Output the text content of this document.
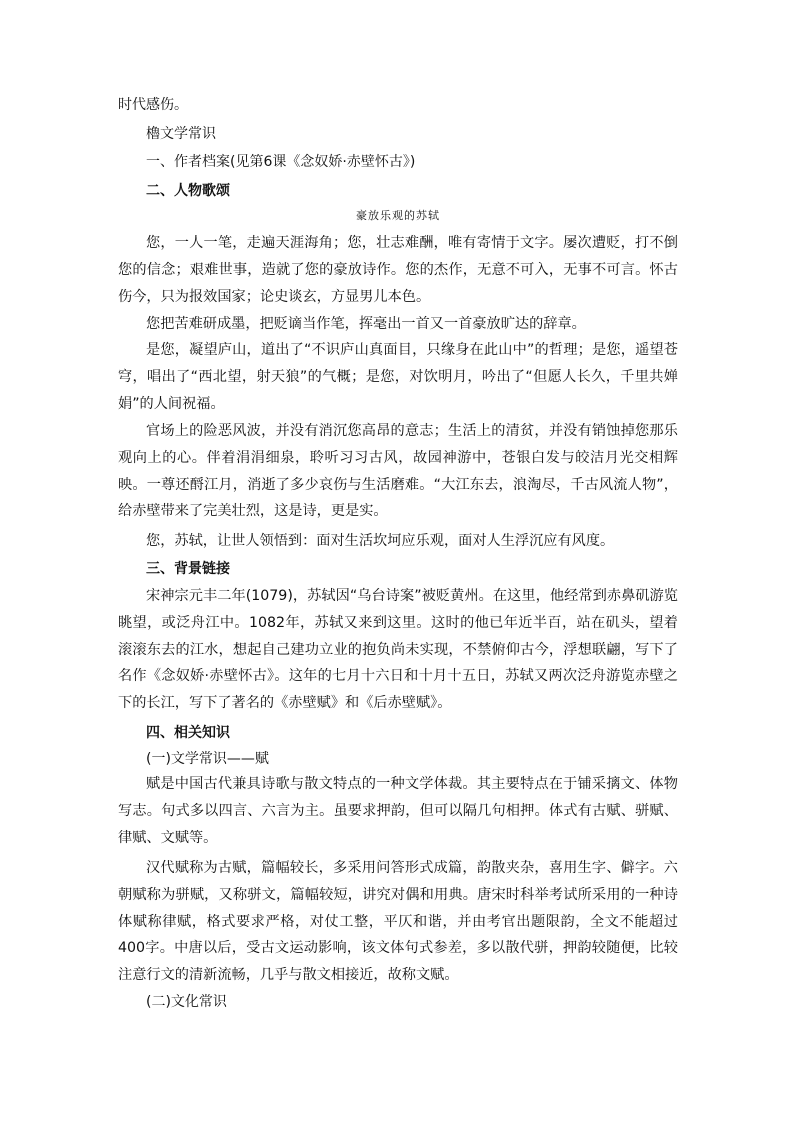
时代感伤。
櫓文学常识
一、作者档案(见第6课《念奴娇·赤壁怀古》)
二、人物歌颂
豪放乐观的苏轼

您，一人一笔，走遍天涯海角；您，壮志难酬，唯有寄情于文字。屡次遭贬，打不倒您的信念；艰难世事，造就了您的豪放诗作。您的杰作，无意不可入，无事不可言。怀古伤今，只为报效国家；论史谈玄，方显男儿本色。

您把苦难研成墨，把贬谪当作笔，挥毫出一首又一首豪放旷达的辞章。

是您，凝望庐山，道出了“不识庐山真面目，只缘身在此山中”的哲理；是您，遥望苍穹，唱出了“西北望，射天狼”的气概；是您，对饮明月，吟出了“但愿人长久，千里共婵娟”的人间祝福。

官场上的险恶风波，并没有消沉您高昂的意志；生活上的清贫，并没有销蚀掉您那乐观向上的心。伴着涓涓细泉，聆听习习古风，故园神游中，苍银白发与皎洁月光交相辉映。一尊还酹江月，消逝了多少哀伤与生活磨难。“大江东去，浪淘尽，千古风流人物”，给赤壁带来了完美壮烈，这是诗，更是实。

您，苏轼，让世人领悟到：面对生活坎坷应乐观，面对人生浮沉应有风度。

三、背景链接

宋神宗元丰二年(1079)，苏轼因“乌台诗案”被贬黄州。在这里，他经常到赤鼻矶游览眺望，或泛舟江中。1082年，苏轼又来到这里。这时的他已年近半百，站在矶头，望着滚滚东去的江水，想起自己建功立业的抱负尚未实现，不禁俯仰古今，浮想联翩，写下了名作《念奴娇·赤壁怀古》。这年的七月十六日和十月十五日，苏轼又两次泛舟游览赤壁之下的长江，写下了著名的《赤壁赋》和《后赤壁赋》。

四、相关知识
(一)文学常识——赋

赋是中国古代兼具诗歌与散文特点的一种文学体裁。其主要特点在于铺采摛文、体物写志。句式多以四言、六言为主。虽要求押韵，但可以隔几句相押。体式有古赋、骈赋、律赋、文赋等。

汉代赋称为古赋，篇幅较长，多采用问答形式成篇，韵散夹杂，喜用生字、僻字。六朝赋称为骈赋，又称骈文，篇幅较短，讲究对偶和用典。唐宋时科举考试所采用的一种诗体赋称律赋，格式要求严格，对仗工整，平仄和谐，并由考官出题限韵，全文不能超过400字。中唐以后，受古文运动影响，该文体句式参差，多以散代骈，押韵较随便，比较注意行文的清新流畅，几乎与散文相接近，故称文赋。

(二)文化常识
